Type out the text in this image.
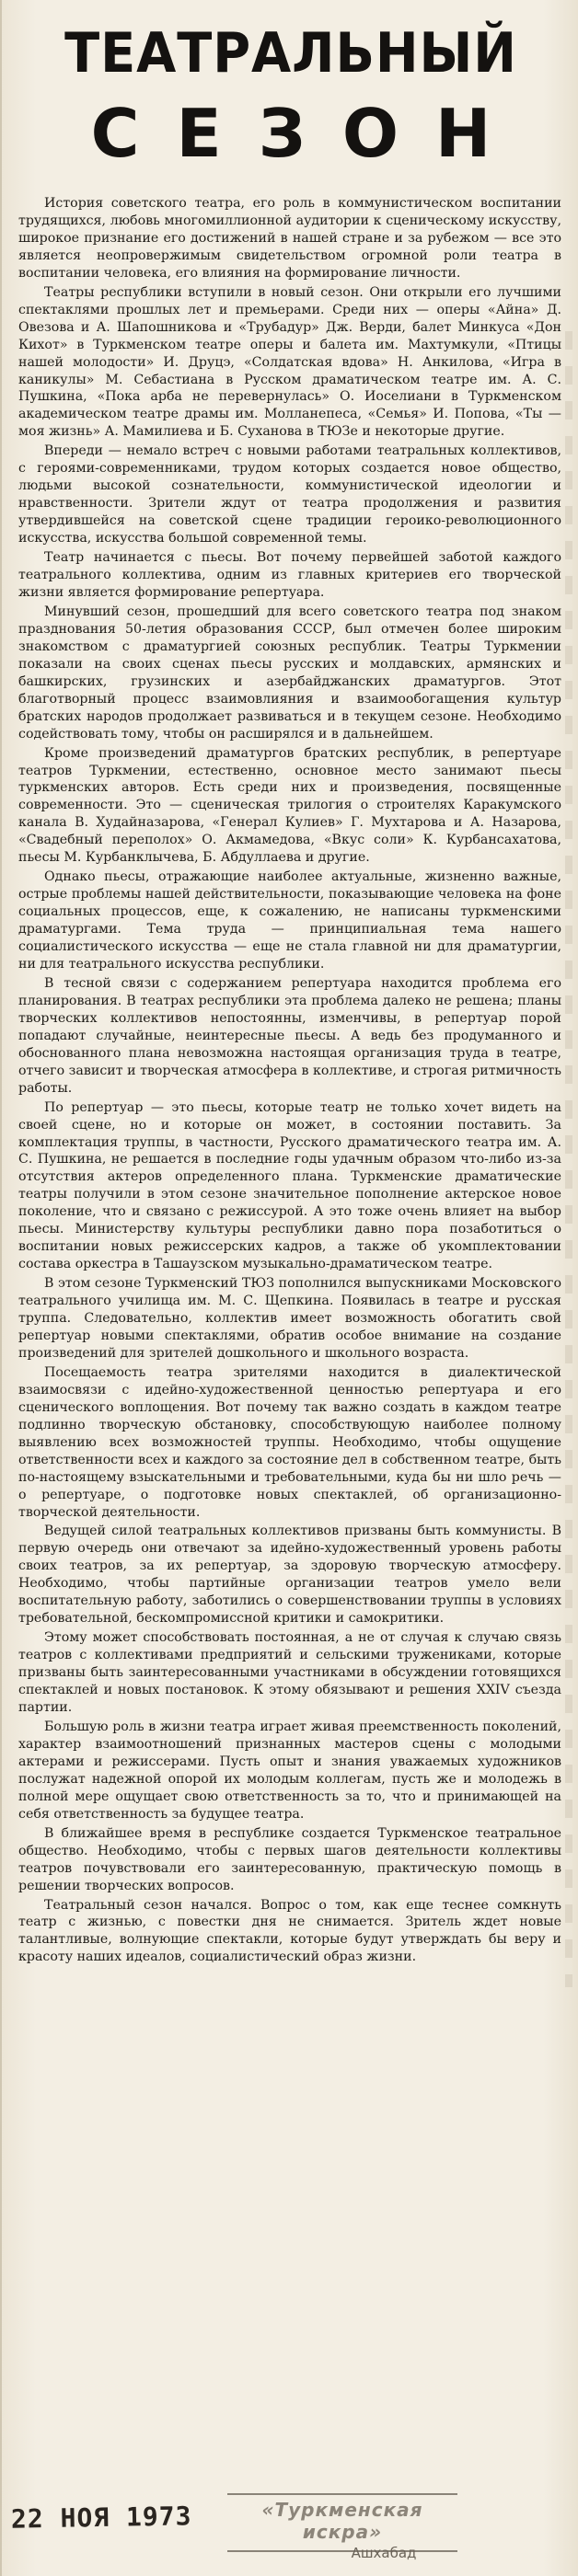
ТЕАТРАЛЬНЫЙ
СЕЗОН

История советского театра, его роль в коммунистическом воспитании трудящихся, любовь многомиллионной аудитории к сценическому искусству, широкое признание его достижений в нашей стране и за рубежом — все это является неопровержимым свидетельством огромной роли театра в воспитании человека, его влияния на формирование личности.

Театры республики вступили в новый сезон. Они открыли его лучшими спектаклями прошлых лет и премьерами. Среди них — оперы «Айна» Д. Овезова и А. Шапошникова и «Трубадур» Дж. Верди, балет Минкуса «Дон Кихот» в Туркменском театре оперы и балета им. Махтумкули, «Птицы нашей молодости» И. Друцэ, «Солдатская вдова» Н. Анкилова, «Игра в каникулы» М. Себастиана в Русском драматическом театре им. А. С. Пушкина, «Пока арба не перевернулась» О. Иоселиани в Туркменском академическом театре драмы им. Молланепеса, «Семья» И. Попова, «Ты — моя жизнь» А. Мамилиева и Б. Суханова в ТЮЗе и некоторые другие.

Впереди — немало встреч с новыми работами театральных коллективов, с героями-современниками, трудом которых создается новое общество, людьми высокой сознательности, коммунистической идеологии и нравственности. Зрители ждут от театра продолжения и развития утвердившейся на советской сцене традиции героико-революционного искусства, искусства большой современной темы.

Театр начинается с пьесы. Вот почему первейшей заботой каждого театрального коллектива, одним из главных критериев его творческой жизни является формирование репертуара.

Минувший сезон, прошедший для всего советского театра под знаком празднования 50-летия образования СССР, был отмечен более широким знакомством с драматургией союзных республик. Театры Туркмении показали на своих сценах пьесы русских и молдавских, армянских и башкирских, грузинских и азербайджанских драматургов. Этот благотворный процесс взаимовлияния и взаимообогащения культур братских народов продолжает развиваться и в текущем сезоне. Необходимо содействовать тому, чтобы он расширялся и в дальнейшем.

Кроме произведений драматургов братских республик, в репертуаре театров Туркмении, естественно, основное место занимают пьесы туркменских авторов. Есть среди них и произведения, посвященные современности. Это — сценическая трилогия о строителях Каракумского канала В. Худайназарова, «Генерал Кулиев» Г. Мухтарова и А. Назарова, «Свадебный переполох» О. Акмамедова, «Вкус соли» К. Курбансахатова, пьесы М. Курбанклычева, Б. Абдуллаева и другие.

Однако пьесы, отражающие наиболее актуальные, жизненно важные, острые проблемы нашей действительности, показывающие человека на фоне социальных процессов, еще, к сожалению, не написаны туркменскими драматургами. Тема труда — принципиальная тема нашего социалистического искусства — еще не стала главной ни для драматургии, ни для театрального искусства республики.

В тесной связи с содержанием репертуара находится проблема его планирования. В театрах республики эта проблема далеко не решена; планы творческих коллективов непостоянны, изменчивы, в репертуар порой попадают случайные, неинтересные пьесы. А ведь без продуманного и обоснованного плана невозможна настоящая организация труда в театре, отчего зависит и творческая атмосфера в коллективе, и строгая ритмичность работы.

По репертуар — это пьесы, которые театр не только хочет видеть на своей сцене, но и которые он может, в состоянии поставить. За комплектация труппы, в частности, Русского драматического театра им. А. С. Пушкина, не решается в последние годы удачным образом что-либо из-за отсутствия актеров определенного плана. Туркменские драматические театры получили в этом сезоне значительное пополнение актерское новое поколение, что и связано с режиссурой. А это тоже очень влияет на выбор пьесы. Министерству культуры республики давно пора позаботиться о воспитании новых режиссерских кадров, а также об укомплектовании состава оркестра в Ташаузском музыкально-драматическом театре.

В этом сезоне Туркменский ТЮЗ пополнился выпускниками Московского театрального училища им. М. С. Щепкина. Появилась в театре и русская труппа. Следовательно, коллектив имеет возможность обогатить свой репертуар новыми спектаклями, обратив особое внимание на создание произведений для зрителей дошкольного и школьного возраста.

Посещаемость театра зрителями находится в диалектической взаимосвязи с идейно-художественной ценностью репертуара и его сценического воплощения. Вот почему так важно создать в каждом театре подлинно творческую обстановку, способствующую наиболее полному выявлению всех возможностей труппы. Необходимо, чтобы ощущение ответственности всех и каждого за состояние дел в собственном театре, быть по-настоящему взыскательными и требовательными, куда бы ни шло речь — о репертуаре, о подготовке новых спектаклей, об организационно-творческой деятельности.

Ведущей силой театральных коллективов призваны быть коммунисты. В первую очередь они отвечают за идейно-художественный уровень работы своих театров, за их репертуар, за здоровую творческую атмосферу. Необходимо, чтобы партийные организации театров умело вели воспитательную работу, заботились о совершенствовании труппы в условиях требовательной, бескомпромиссной критики и самокритики.

Этому может способствовать постоянная, а не от случая к случаю связь театров с коллективами предприятий и сельскими тружениками, которые призваны быть заинтересованными участниками в обсуждении готовящихся спектаклей и новых постановок. К этому обязывают и решения XXIV съезда партии.

Большую роль в жизни театра играет живая преемственность поколений, характер взаимоотношений признанных мастеров сцены с молодыми актерами и режиссерами. Пусть опыт и знания уважаемых художников послужат надежной опорой их молодым коллегам, пусть же и молодежь в полной мере ощущает свою ответственность за то, что и принимающей на себя ответственность за будущее театра.

В ближайшее время в республике создается Туркменское театральное общество. Необходимо, чтобы с первых шагов деятельности коллективы театров почувствовали его заинтересованную, практическую помощь в решении творческих вопросов.

Театральный сезон начался. Вопрос о том, как еще теснее сомкнуть театр с жизнью, с повестки дня не снимается. Зритель ждет новые талантливые, волнующие спектакли, которые будут утверждать бы веру и красоту наших идеалов, социалистический образ жизни.

22 НОЯ 1973	«Туркменская искра»
Ашхабад
